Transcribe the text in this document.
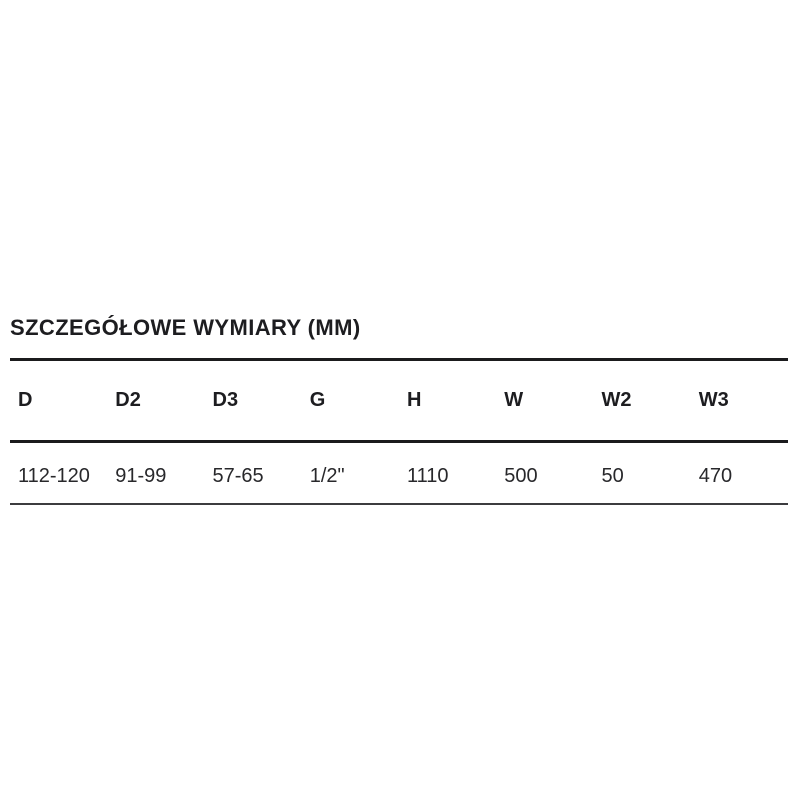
SZCZEGÓŁOWE WYMIARY (MM)
D	D2	D3	G	H	W	W2	W3
112-120	91-99	57-65	1/2"	1110	500	50	470
